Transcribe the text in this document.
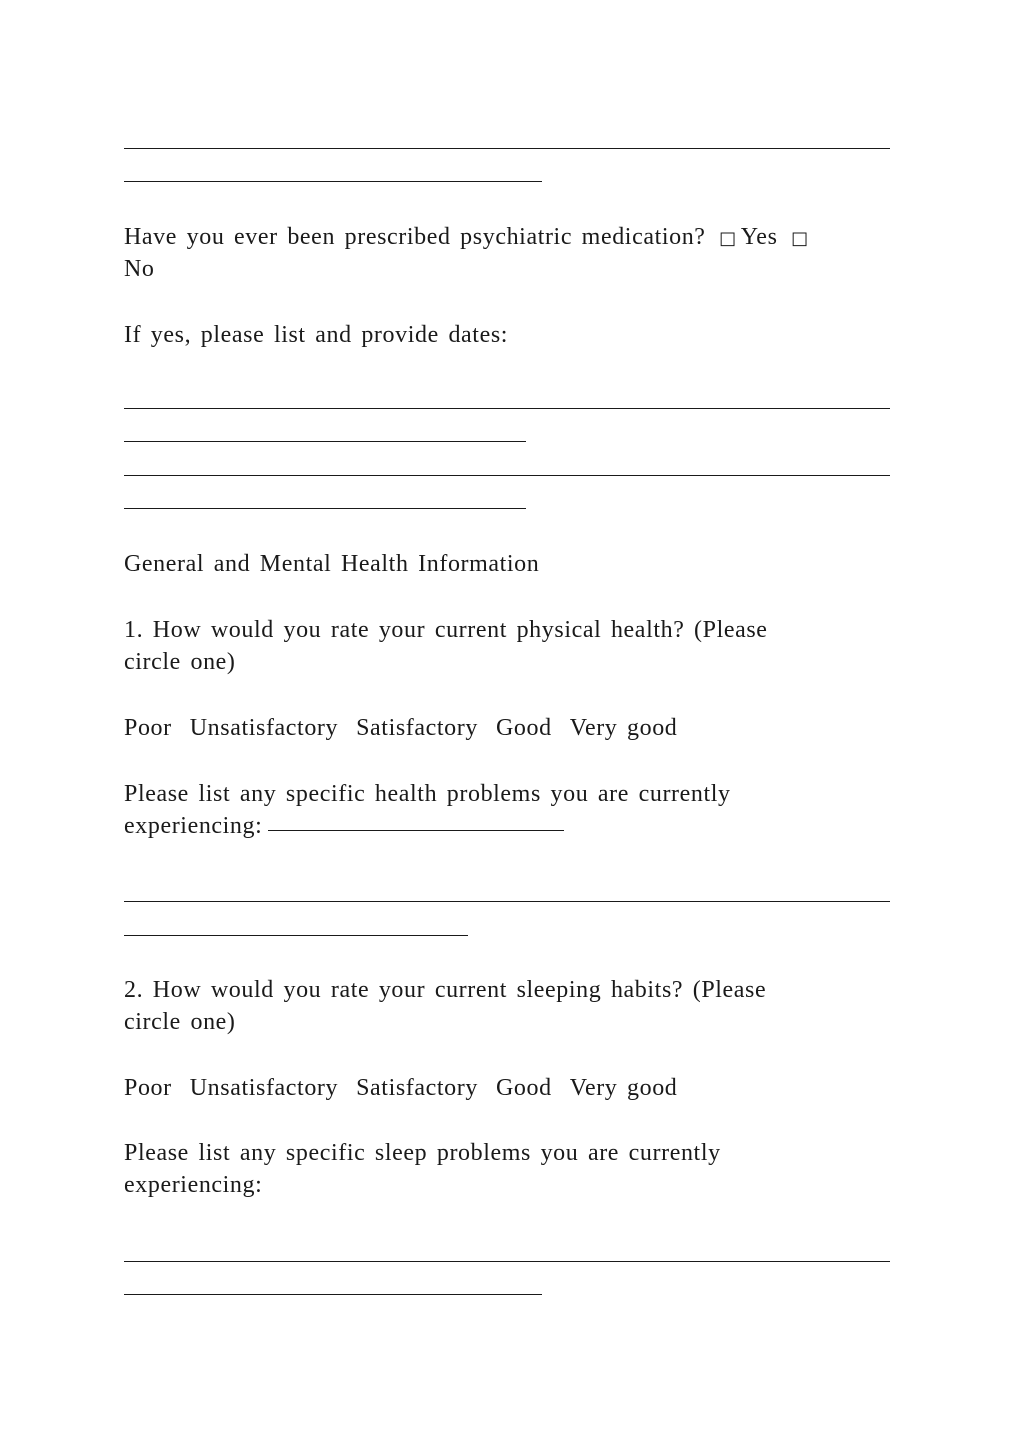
Have you ever been prescribed psychiatric medication? □ Yes □
No
If yes, please list and provide dates:
General and Mental Health Information
1. How would you rate your current physical health? (Please
circle one)
Poor Unsatisfactory Satisfactory Good Very good
Please list any specific health problems you are currently
experiencing:
2. How would you rate your current sleeping habits? (Please
circle one)
Poor Unsatisfactory Satisfactory Good Very good
Please list any specific sleep problems you are currently
experiencing:
